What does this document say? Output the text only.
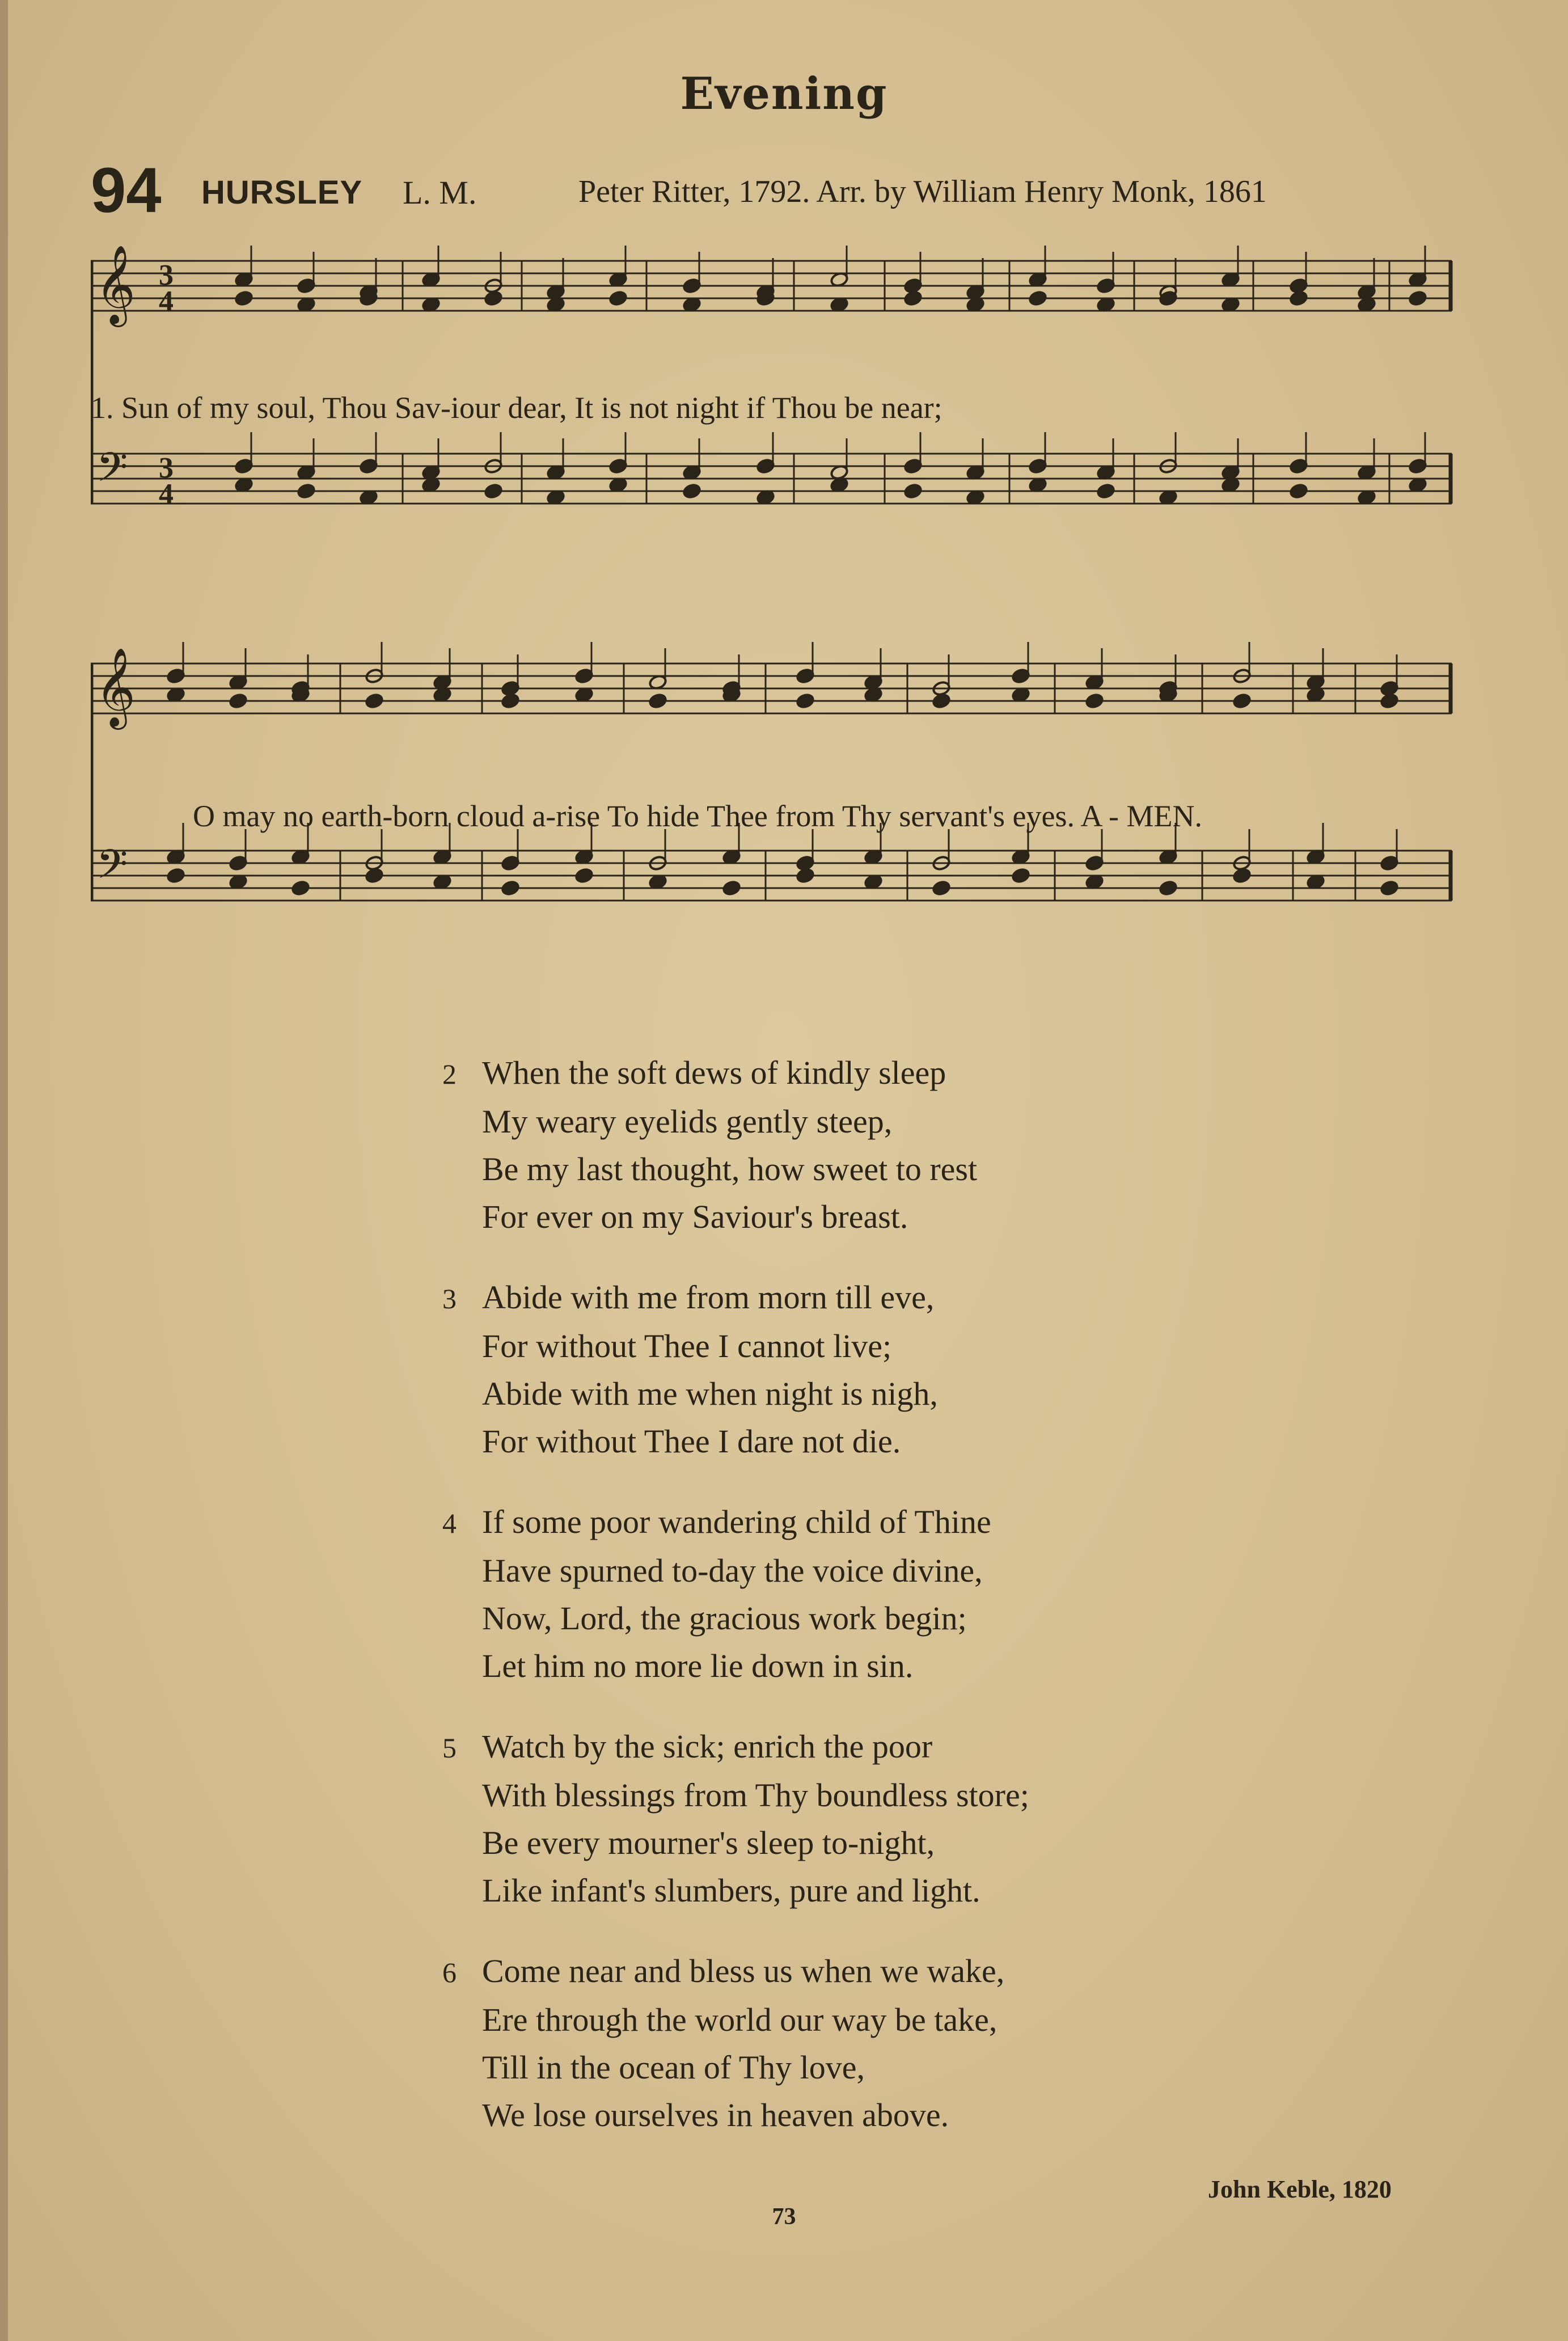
Evening
94 HURSLEY L. M.	Peter Ritter, 1792. Arr. by William Henry Monk, 1861
𝄞
𝄢
3
4
3
4
1. Sun of my soul, Thou Sav-iour dear, It is not night if Thou be near;
𝄞
𝄢
O may no earth-born cloud a-rise To hide Thee from Thy servant's eyes. A - MEN.
2 When the soft dews of kindly sleep
My weary eyelids gently steep,
Be my last thought, how sweet to rest
For ever on my Saviour's breast.
3 Abide with me from morn till eve,
For without Thee I cannot live;
Abide with me when night is nigh,
For without Thee I dare not die.
4 If some poor wandering child of Thine
Have spurned to-day the voice divine,
Now, Lord, the gracious work begin;
Let him no more lie down in sin.
5 Watch by the sick; enrich the poor
With blessings from Thy boundless store;
Be every mourner's sleep to-night,
Like infant's slumbers, pure and light.
6 Come near and bless us when we wake,
Ere through the world our way be take,
Till in the ocean of Thy love,
We lose ourselves in heaven above.
John Keble, 1820
73
